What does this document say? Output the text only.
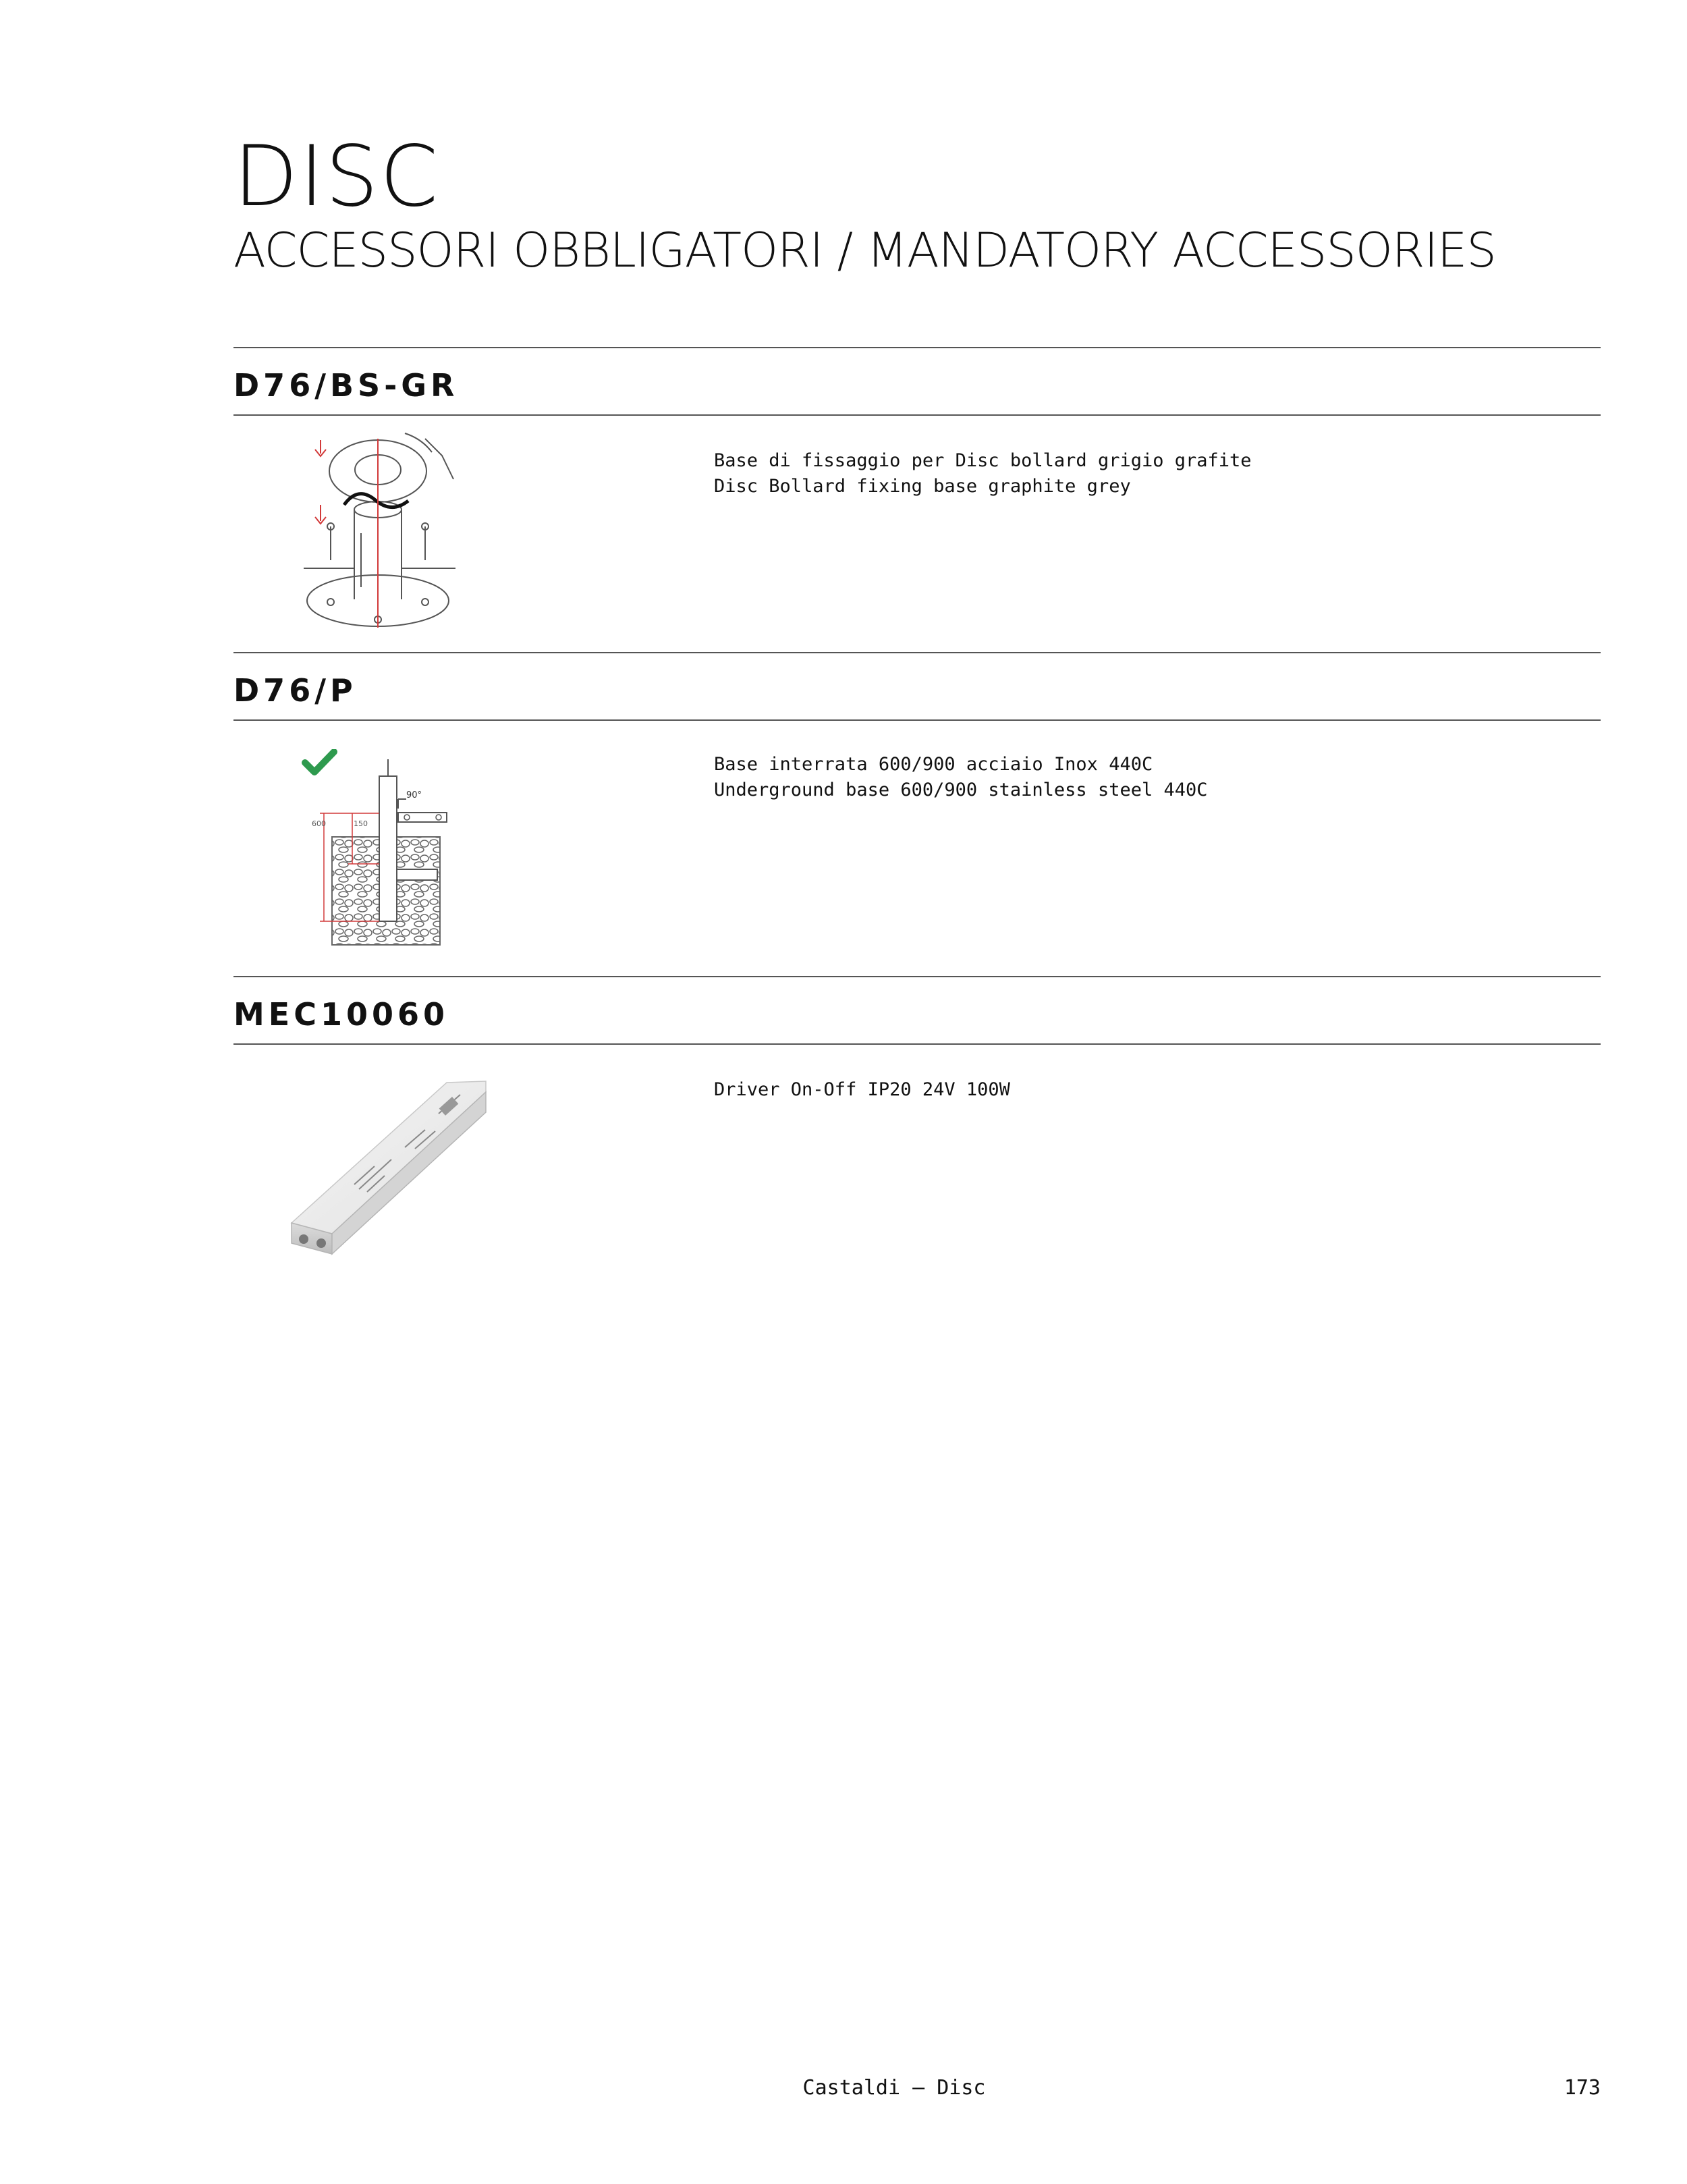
DISC
ACCESSORI OBBLIGATORI / MANDATORY ACCESSORIES
D76/BS-GR
Base di fissaggio per Disc bollard grigio grafite
Disc Bollard fixing base graphite grey
D76/P
90°
600	150
Base interrata 600/900 acciaio Inox 440C
Underground base 600/900 stainless steel 440C
MEC10060
Driver On-Off IP20 24V 100W
Castaldi — Disc	173
